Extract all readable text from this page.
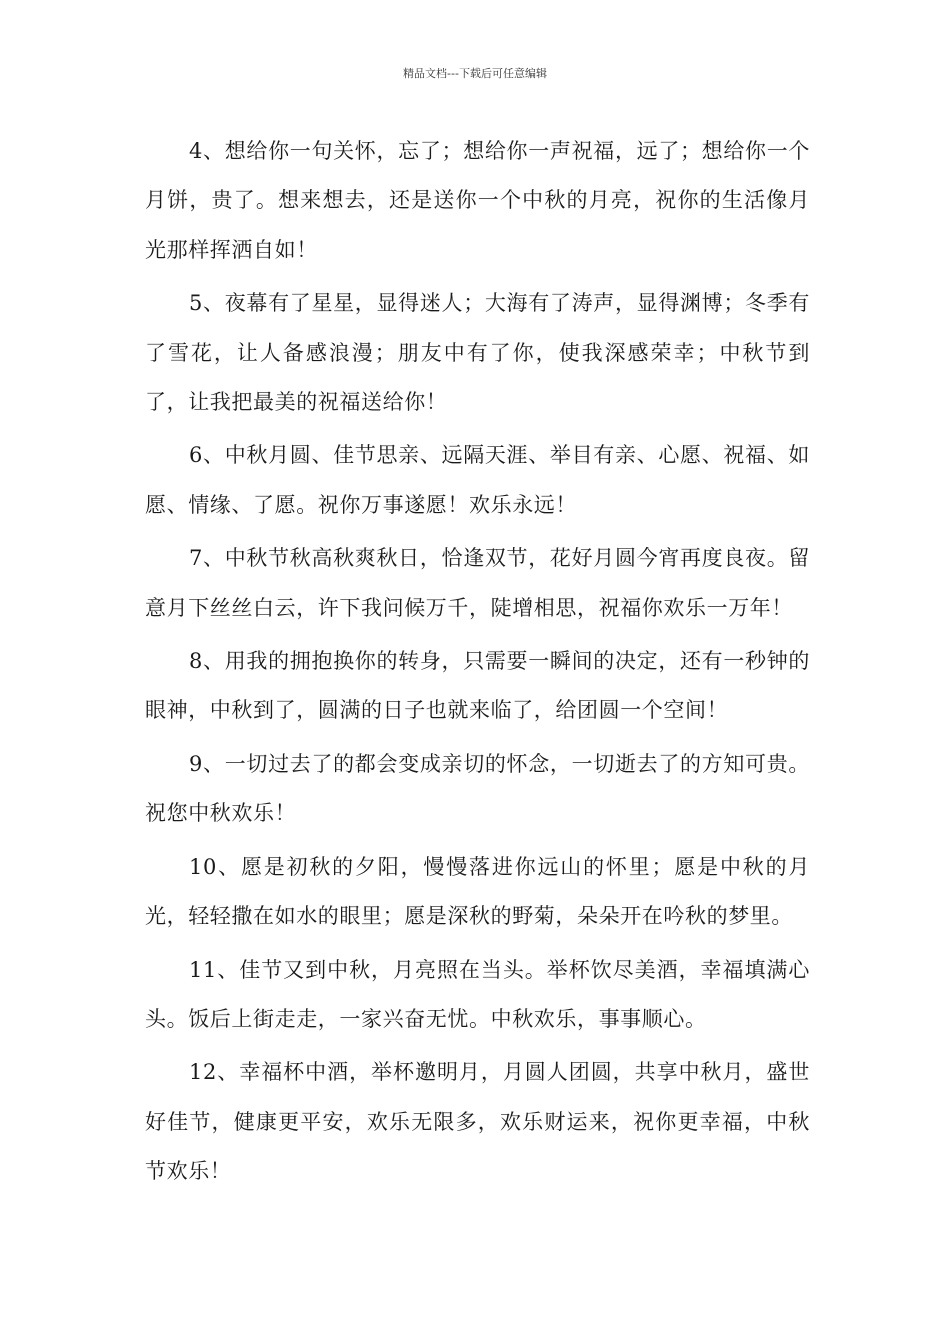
精品文档---下载后可任意编辑

4、想给你一句关怀，忘了；想给你一声祝福，远了；想给你一个月饼，贵了。想来想去，还是送你一个中秋的月亮，祝你的生活像月光那样挥洒自如！

5、夜幕有了星星，显得迷人；大海有了涛声，显得渊博；冬季有了雪花，让人备感浪漫；朋友中有了你，使我深感荣幸；中秋节到了，让我把最美的祝福送给你！

6、中秋月圆、佳节思亲、远隔天涯、举目有亲、心愿、祝福、如愿、情缘、了愿。祝你万事遂愿！欢乐永远！

7、中秋节秋高秋爽秋日，恰逢双节，花好月圆今宵再度良夜。留意月下丝丝白云，许下我问候万千，陡增相思，祝福你欢乐一万年！

8、用我的拥抱换你的转身，只需要一瞬间的决定，还有一秒钟的眼神，中秋到了，圆满的日子也就来临了，给团圆一个空间！

9、一切过去了的都会变成亲切的怀念，一切逝去了的方知可贵。祝您中秋欢乐！

10、愿是初秋的夕阳，慢慢落进你远山的怀里；愿是中秋的月光，轻轻撒在如水的眼里；愿是深秋的野菊，朵朵开在吟秋的梦里。

11、佳节又到中秋，月亮照在当头。举杯饮尽美酒，幸福填满心头。饭后上街走走，一家兴奋无忧。中秋欢乐，事事顺心。

12、幸福杯中酒，举杯邀明月，月圆人团圆，共享中秋月，盛世好佳节，健康更平安，欢乐无限多，欢乐财运来，祝你更幸福，中秋节欢乐！
